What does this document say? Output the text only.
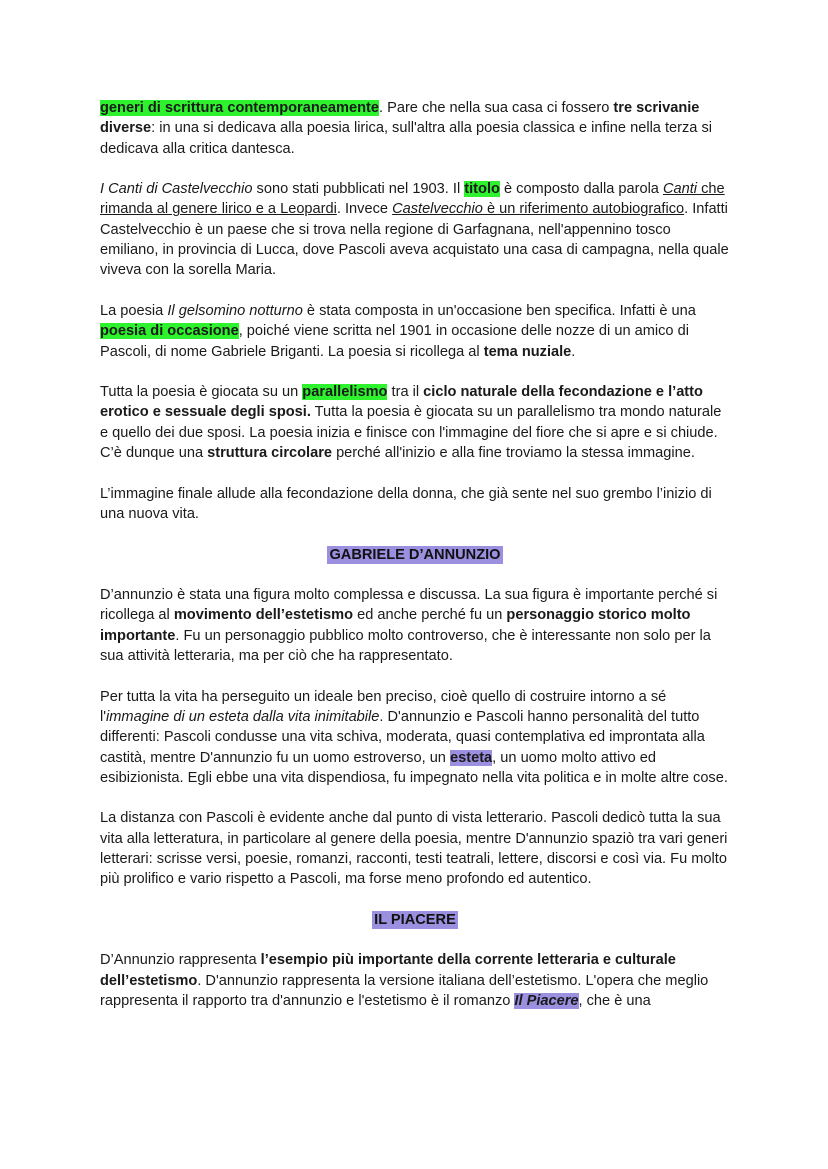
generi di scrittura contemporaneamente. Pare che nella sua casa ci fossero tre scrivanie diverse: in una si dedicava alla poesia lirica, sull'altra alla poesia classica e infine nella terza si dedicava alla critica dantesca.

I Canti di Castelvecchio sono stati pubblicati nel 1903. Il titolo è composto dalla parola Canti che rimanda al genere lirico e a Leopardi. Invece Castelvecchio è un riferimento autobiografico. Infatti Castelvecchio è un paese che si trova nella regione di Garfagnana, nell'appennino tosco emiliano, in provincia di Lucca, dove Pascoli aveva acquistato una casa di campagna, nella quale viveva con la sorella Maria.

La poesia Il gelsomino notturno è stata composta in un'occasione ben specifica. Infatti è una poesia di occasione, poiché viene scritta nel 1901 in occasione delle nozze di un amico di Pascoli, di nome Gabriele Briganti. La poesia si ricollega al tema nuziale.

Tutta la poesia è giocata su un parallelismo tra il ciclo naturale della fecondazione e l’atto erotico e sessuale degli sposi. Tutta la poesia è giocata su un parallelismo tra mondo naturale e quello dei due sposi. La poesia inizia e finisce con l'immagine del fiore che si apre e si chiude. C’è dunque una struttura circolare perché all'inizio e alla fine troviamo la stessa immagine.

L’immagine finale allude alla fecondazione della donna, che già sente nel suo grembo l’inizio di una nuova vita.

GABRIELE D’ANNUNZIO

D’annunzio è stata una figura molto complessa e discussa. La sua figura è importante perché si ricollega al movimento dell’estetismo ed anche perché fu un personaggio storico molto importante. Fu un personaggio pubblico molto controverso, che è interessante non solo per la sua attività letteraria, ma per ciò che ha rappresentato.

Per tutta la vita ha perseguito un ideale ben preciso, cioè quello di costruire intorno a sé l'immagine di un esteta dalla vita inimitabile. D'annunzio e Pascoli hanno personalità del tutto differenti: Pascoli condusse una vita schiva, moderata, quasi contemplativa ed improntata alla castità, mentre D'annunzio fu un uomo estroverso, un esteta, un uomo molto attivo ed esibizionista. Egli ebbe una vita dispendiosa, fu impegnato nella vita politica e in molte altre cose.

La distanza con Pascoli è evidente anche dal punto di vista letterario. Pascoli dedicò tutta la sua vita alla letteratura, in particolare al genere della poesia, mentre D'annunzio spaziò tra vari generi letterari: scrisse versi, poesie, romanzi, racconti, testi teatrali, lettere, discorsi e così via. Fu molto più prolifico e vario rispetto a Pascoli, ma forse meno profondo ed autentico.

IL PIACERE

D’Annunzio rappresenta l’esempio più importante della corrente letteraria e culturale dell’estetismo. D'annunzio rappresenta la versione italiana dell’estetismo. L'opera che meglio rappresenta il rapporto tra d'annunzio e l'estetismo è il romanzo Il Piacere, che è una
